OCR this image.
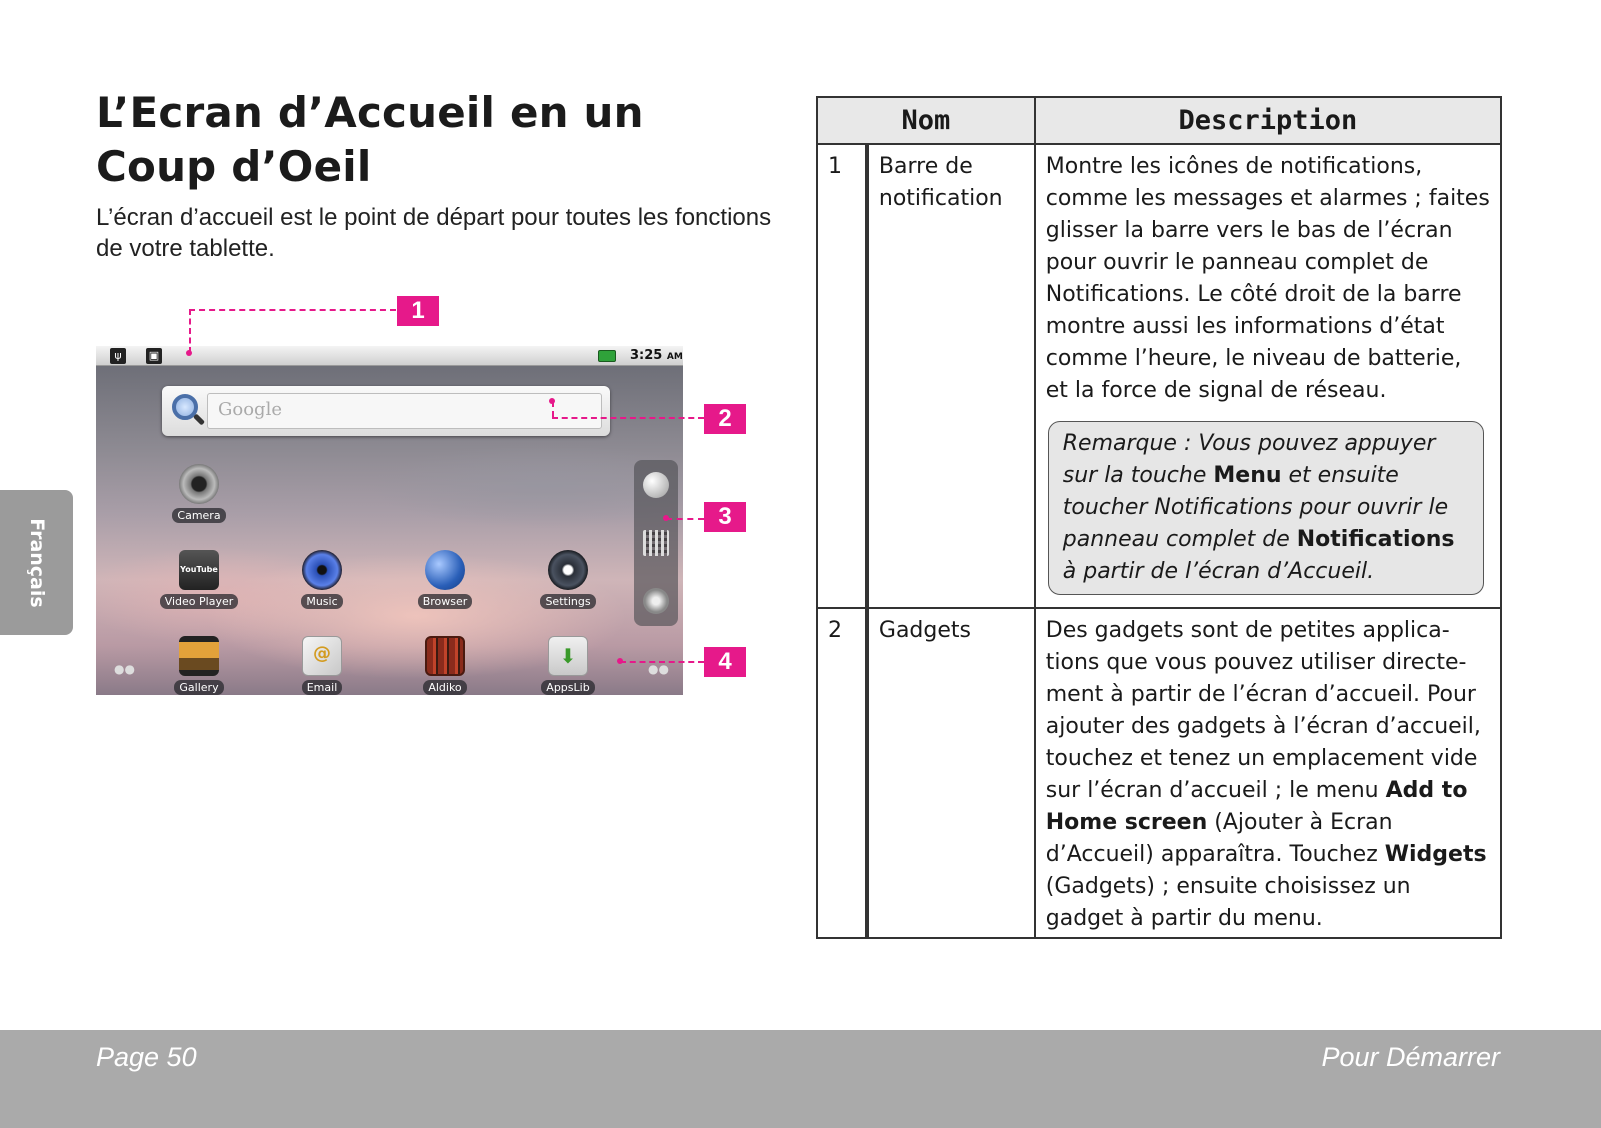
L’Ecran d’Accueil en un Coup d’Oeil

L’écran d’accueil est le point de départ pour toutes les fonctions de votre tablette.

Français
Google
Camera
YouTube
Video Player	Music	Browser	Settings
Gallery
@	Email	Aldiko
⬇	AppsLib
●●	●●
ψ	▣	3:25 AM
1
2
3
4
Nom		Description
1	Barre de notification	Montre les icônes de notifications, comme les messages et alarmes ; faites glisser la barre vers le bas de l’écran pour ouvrir le panneau complet de Notifications. Le côté droit de la barre montre aussi les informations d’état comme l’heure, le niveau de batterie, et la force de signal de réseau.
Remarque : Vous pouvez appuyer sur la touche Menu et ensuite toucher Notifications pour ouvrir le panneau complet de Notifications à partir de l’écran d’Accueil.

2	Gadgets	Des gadgets sont de petites applica-tions que vous pouvez utiliser directe-ment à partir de l’écran d’accueil. Pour ajouter des gadgets à l’écran d’accueil, touchez et tenez un emplacement vide sur l’écran d’accueil ; le menu Add to Home screen (Ajouter à Ecran d’Accueil) apparaîtra. Touchez Widgets (Gadgets) ; ensuite choisissez un gadget à partir du menu.
Page 50	Pour Démarrer
